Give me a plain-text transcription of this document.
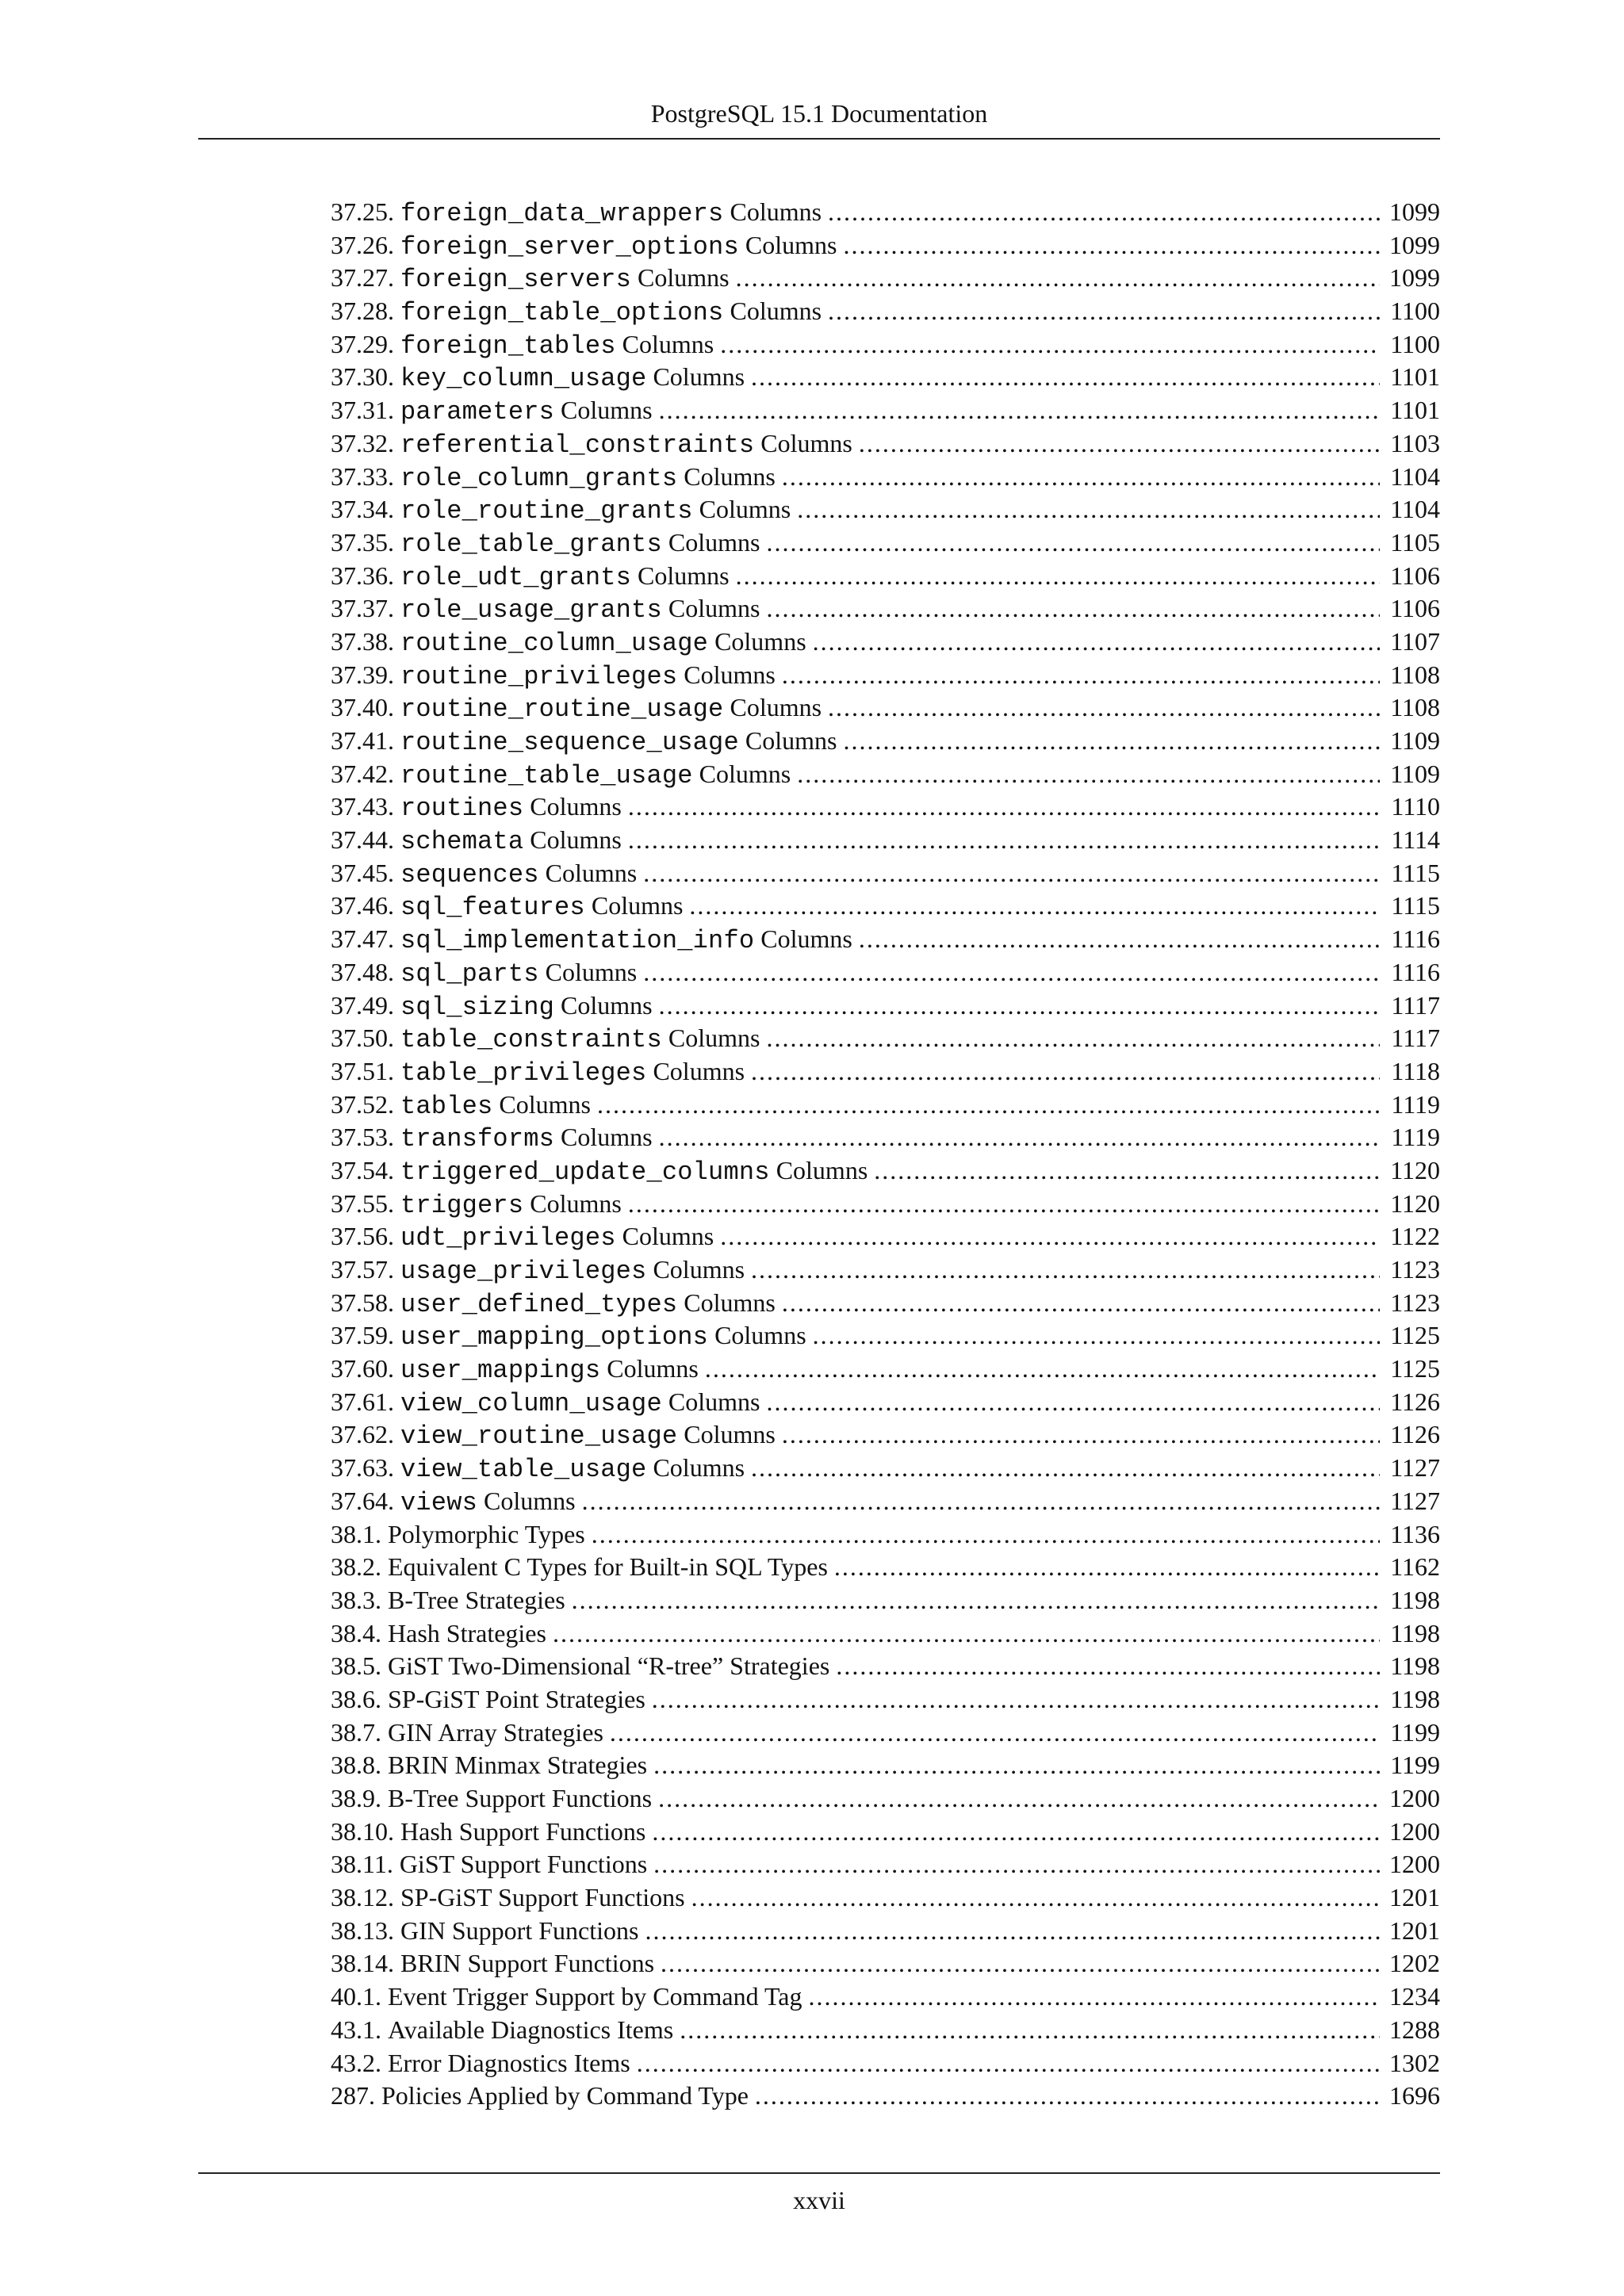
PostgreSQL 15.1 Documentation
37.25. foreign_data_wrappers Columns .....	1099
37.26. foreign_server_options Columns .....	1099
37.27. foreign_servers Columns .....	1099
37.28. foreign_table_options Columns .....	1100
37.29. foreign_tables Columns .....	1100
37.30. key_column_usage Columns .....	1101
37.31. parameters Columns .....	1101
37.32. referential_constraints Columns .....	1103
37.33. role_column_grants Columns .....	1104
37.34. role_routine_grants Columns .....	1104
37.35. role_table_grants Columns .....	1105
37.36. role_udt_grants Columns .....	1106
37.37. role_usage_grants Columns .....	1106
37.38. routine_column_usage Columns .....	1107
37.39. routine_privileges Columns .....	1108
37.40. routine_routine_usage Columns .....	1108
37.41. routine_sequence_usage Columns .....	1109
37.42. routine_table_usage Columns .....	1109
37.43. routines Columns .....	1110
37.44. schemata Columns .....	1114
37.45. sequences Columns .....	1115
37.46. sql_features Columns .....	1115
37.47. sql_implementation_info Columns .....	1116
37.48. sql_parts Columns .....	1116
37.49. sql_sizing Columns .....	1117
37.50. table_constraints Columns .....	1117
37.51. table_privileges Columns .....	1118
37.52. tables Columns .....	1119
37.53. transforms Columns .....	1119
37.54. triggered_update_columns Columns .....	1120
37.55. triggers Columns .....	1120
37.56. udt_privileges Columns .....	1122
37.57. usage_privileges Columns .....	1123
37.58. user_defined_types Columns .....	1123
37.59. user_mapping_options Columns .....	1125
37.60. user_mappings Columns .....	1125
37.61. view_column_usage Columns .....	1126
37.62. view_routine_usage Columns .....	1126
37.63. view_table_usage Columns .....	1127
37.64. views Columns .....	1127
38.1. Polymorphic Types .....	1136
38.2. Equivalent C Types for Built-in SQL Types .....	1162
38.3. B-Tree Strategies .....	1198
38.4. Hash Strategies .....	1198
38.5. GiST Two-Dimensional “R-tree” Strategies .....	1198
38.6. SP-GiST Point Strategies .....	1198
38.7. GIN Array Strategies .....	1199
38.8. BRIN Minmax Strategies .....	1199
38.9. B-Tree Support Functions .....	1200
38.10. Hash Support Functions .....	1200
38.11. GiST Support Functions .....	1200
38.12. SP-GiST Support Functions .....	1201
38.13. GIN Support Functions .....	1201
38.14. BRIN Support Functions .....	1202
40.1. Event Trigger Support by Command Tag .....	1234
43.1. Available Diagnostics Items .....	1288
43.2. Error Diagnostics Items .....	1302
287. Policies Applied by Command Type .....	1696
xxvii
